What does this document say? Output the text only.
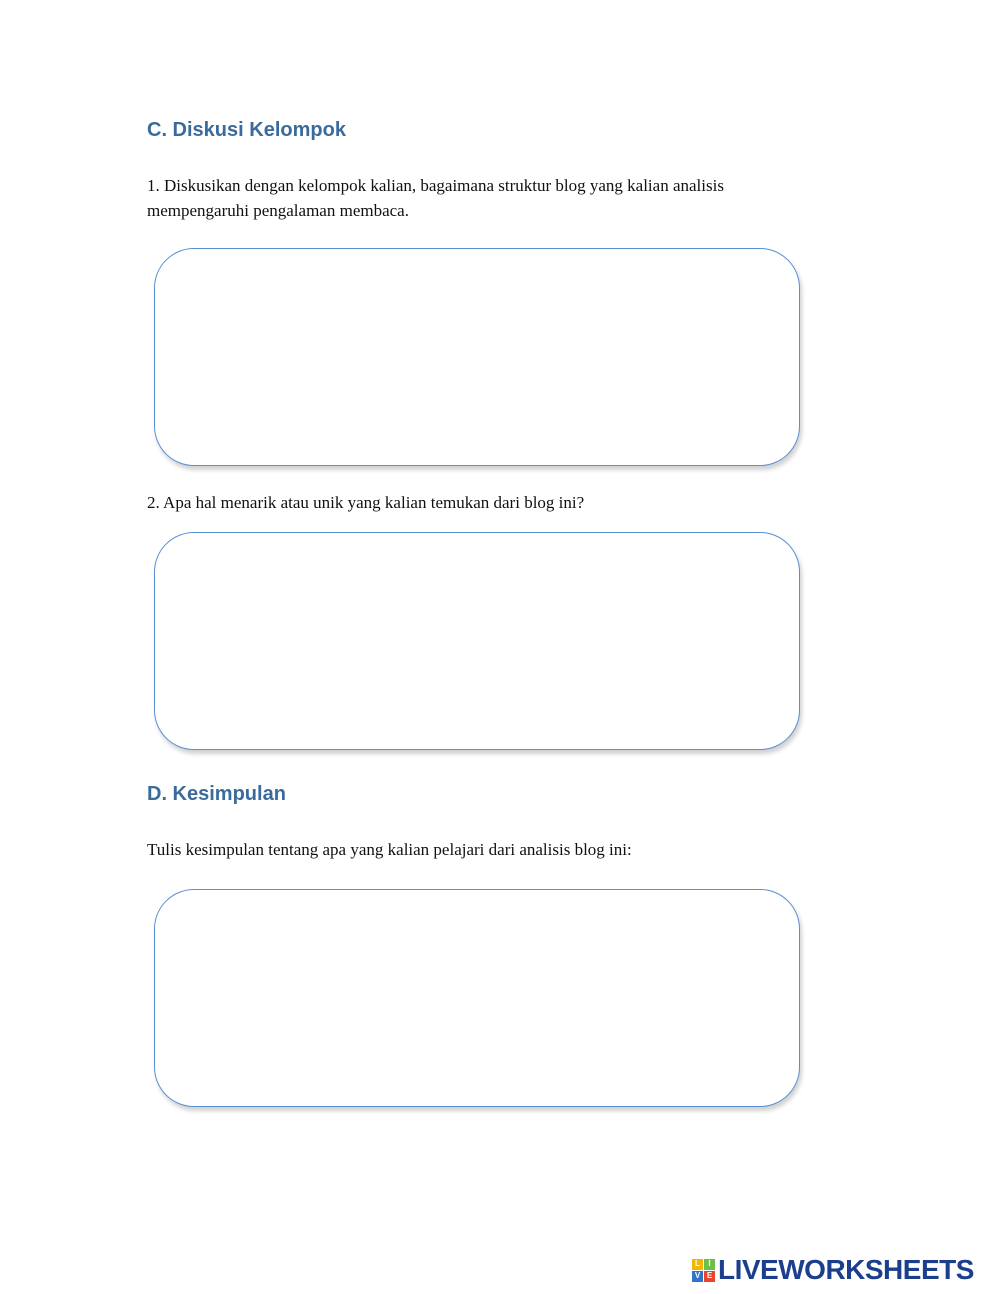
C. Diskusi Kelompok

1. Diskusikan dengan kelompok kalian, bagaimana struktur blog yang kalian analisis mempengaruhi pengalaman membaca.

2. Apa hal menarik atau unik yang kalian temukan dari blog ini?

D. Kesimpulan

Tulis kesimpulan tentang apa yang kalian pelajari dari analisis blog ini:

L	I
V E LIVEWORKSHEETS
